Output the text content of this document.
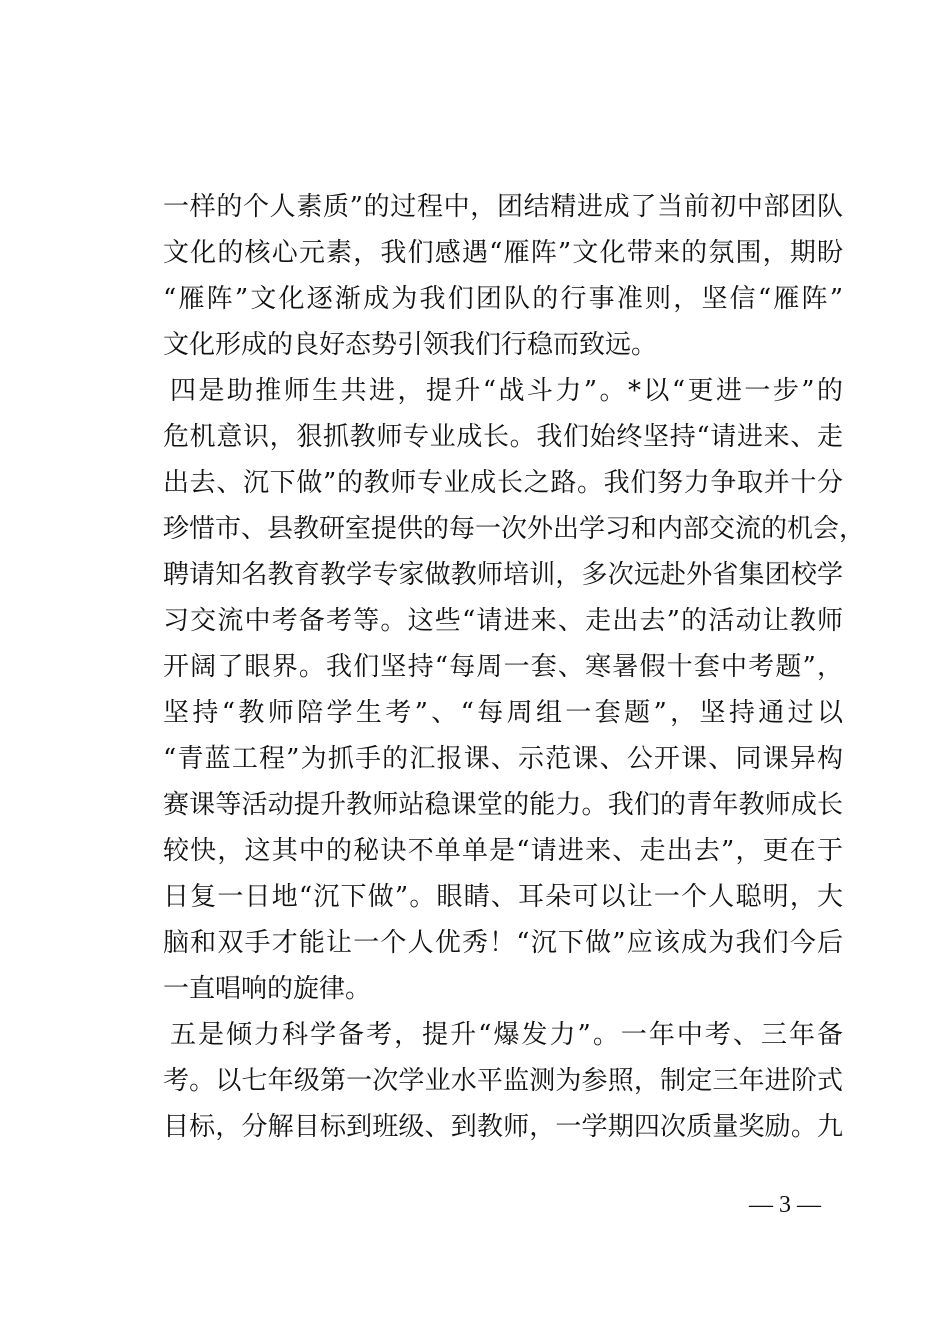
一样的个人素质”的过程中，团结精进成了当前初中部团队
文化的核心元素，我们感遇“雁阵”文化带来的氛围，期盼
“雁阵”文化逐渐成为我们团队的行事准则，坚信“雁阵”
文化形成的良好态势引领我们行稳而致远。
四是助推师生共进，提升“战斗力”。*以“更进一步”的
危机意识，狠抓教师专业成长。我们始终坚持“请进来、走
出去、沉下做”的教师专业成长之路。我们努力争取并十分
珍惜市、县教研室提供的每一次外出学习和内部交流的机会，
聘请知名教育教学专家做教师培训，多次远赴外省集团校学
习交流中考备考等。这些“请进来、走出去”的活动让教师
开阔了眼界。我们坚持“每周一套、寒暑假十套中考题”，
坚持“教师陪学生考”、“每周组一套题”，坚持通过以
“青蓝工程”为抓手的汇报课、示范课、公开课、同课异构
赛课等活动提升教师站稳课堂的能力。我们的青年教师成长
较快，这其中的秘诀不单单是“请进来、走出去”，更在于
日复一日地“沉下做”。眼睛、耳朵可以让一个人聪明，大
脑和双手才能让一个人优秀！“沉下做”应该成为我们今后
一直唱响的旋律。
五是倾力科学备考，提升“爆发力”。一年中考、三年备
考。以七年级第一次学业水平监测为参照，制定三年进阶式
目标，分解目标到班级、到教师，一学期四次质量奖励。九
— 3 —
